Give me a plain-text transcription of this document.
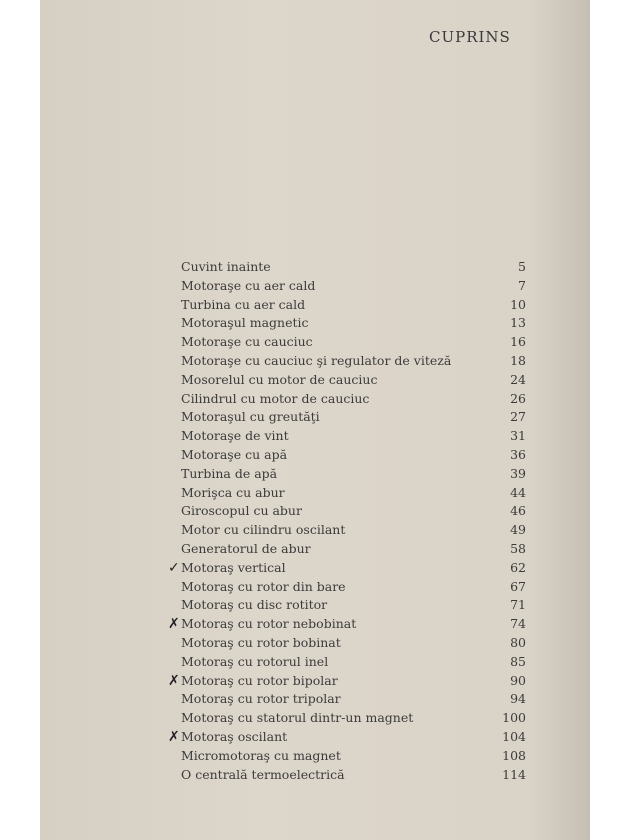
CUPRINS
Cuvint inainte	5
Motoraşe cu aer cald	7
Turbina cu aer cald	10
Motoraşul magnetic	13
Motoraşe cu cauciuc	16
Motoraşe cu cauciuc şi regulator de viteză	18
Mosorelul cu motor de cauciuc	24
Cilindrul cu motor de cauciuc	26
Motoraşul cu greutăţi	27
Motoraşe de vint	31
Motoraşe cu apă	36
Turbina de apă	39
Morişca cu abur	44
Giroscopul cu abur	46
Motor cu cilindru oscilant	49
Generatorul de abur	58
✓ Motoraş vertical	62
Motoraş cu rotor din bare	67
Motoraş cu disc rotitor	71
✗ Motoraş cu rotor nebobinat	74
Motoraş cu rotor bobinat	80
Motoraş cu rotorul inel	85
✗ Motoraş cu rotor bipolar	90
Motoraş cu rotor tripolar	94
Motoraş cu statorul dintr-un magnet	100
✗ Motoraş oscilant	104
Micromotoraş cu magnet	108
O centrală termoelectrică	114
